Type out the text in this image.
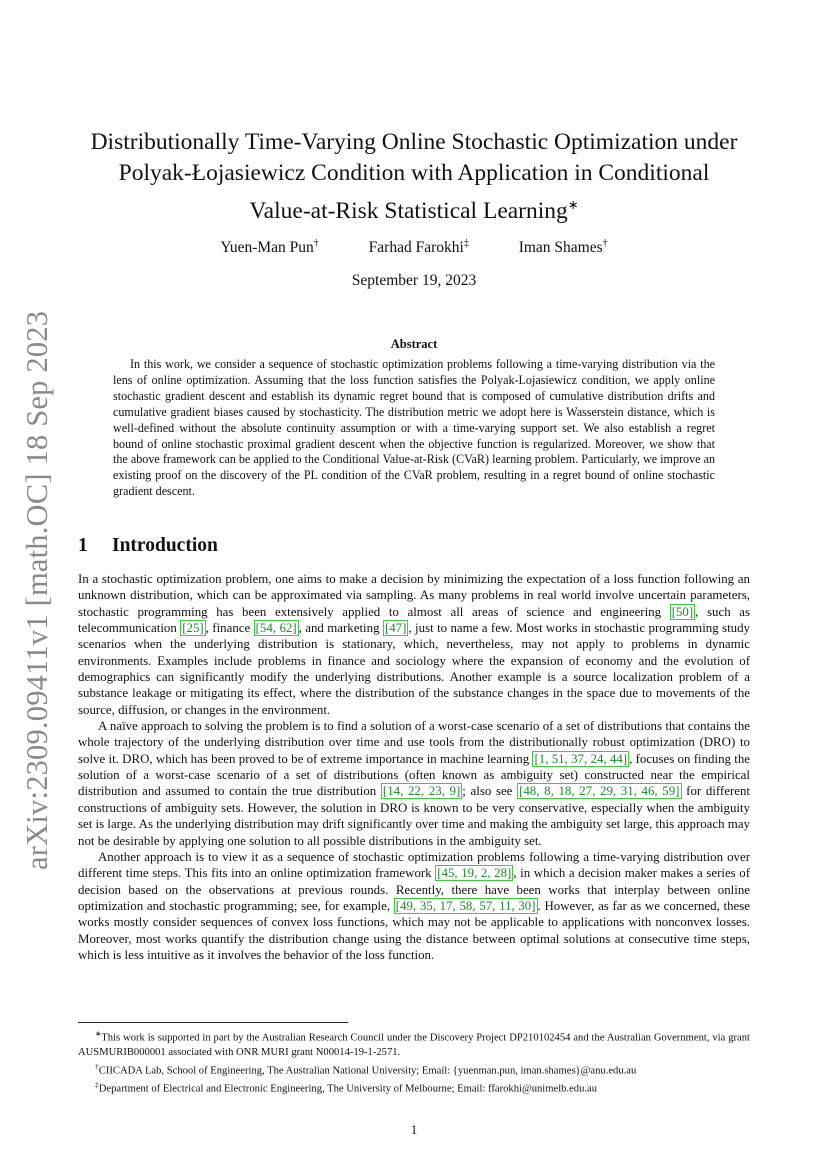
arXiv:2309.09411v1 [math.OC] 18 Sep 2023
Distributionally Time-Varying Online Stochastic Optimization under
Polyak-Łojasiewicz Condition with Application in Conditional
Value-at-Risk Statistical Learning∗
Yuen-Man Pun†	Farhad Farokhi‡	Iman Shames†
September 19, 2023
Abstract

In this work, we consider a sequence of stochastic optimization problems following a time-varying distribution via the lens of online optimization. Assuming that the loss function satisfies the Polyak-Lojasiewicz condition, we apply online stochastic gradient descent and establish its dynamic regret bound that is composed of cumulative distribution drifts and cumulative gradient biases caused by stochasticity. The distribution metric we adopt here is Wasserstein distance, which is well-defined without the absolute continuity assumption or with a time-varying support set. We also establish a regret bound of online stochastic proximal gradient descent when the objective function is regularized. Moreover, we show that the above framework can be applied to the Conditional Value-at-Risk (CVaR) learning problem. Particularly, we improve an existing proof on the discovery of the PL condition of the CVaR problem, resulting in a regret bound of online stochastic gradient descent.

1 Introduction

In a stochastic optimization problem, one aims to make a decision by minimizing the expectation of a loss function following an unknown distribution, which can be approximated via sampling. As many problems in real world involve uncertain parameters, stochastic programming has been extensively applied to almost all areas of science and engineering [50] , such as telecommunication [25] , finance [54, 62] , and marketing [47] , just to name a few. Most works in stochastic programming study scenarios when the underlying distribution is stationary, which, nevertheless, may not apply to problems in dynamic environments. Examples include problems in finance and sociology where the expansion of economy and the evolution of demographics can significantly modify the underlying distributions. Another example is a source localization problem of a substance leakage or mitigating its effect, where the distribution of the substance changes in the space due to movements of the source, diffusion, or changes in the environment.

A naïve approach to solving the problem is to find a solution of a worst-case scenario of a set of distributions that contains the whole trajectory of the underlying distribution over time and use tools from the distributionally robust optimization (DRO) to solve it. DRO, which has been proved to be of extreme importance in machine learning [1, 51, 37, 24, 44] , focuses on finding the solution of a worst-case scenario of a set of distributions (often known as ambiguity set) constructed near the empirical distribution and assumed to contain the true distribution [14, 22, 23, 9] ; also see [48, 8, 18, 27, 29, 31, 46, 59] for different constructions of ambiguity sets. However, the solution in DRO is known to be very conservative, especially when the ambiguity set is large. As the underlying distribution may drift significantly over time and making the ambiguity set large, this approach may not be desirable by applying one solution to all possible distributions in the ambiguity set.

Another approach is to view it as a sequence of stochastic optimization problems following a time-varying distribution over different time steps. This fits into an online optimization framework [45, 19, 2, 28] , in which a decision maker makes a series of decision based on the observations at previous rounds. Recently, there have been works that interplay between online optimization and stochastic programming; see, for example, [49, 35, 17, 58, 57, 11, 30] . However, as far as we concerned, these works mostly consider sequences of convex loss functions, which may not be applicable to applications with nonconvex losses. Moreover, most works quantify the distribution change using the distance between optimal solutions at consecutive time steps, which is less intuitive as it involves the behavior of the loss function.

∗This work is supported in part by the Australian Research Council under the Discovery Project DP210102454 and the Australian Government, via grant AUSMURIB000001 associated with ONR MURI grant N00014-19-1-2571.

†CIICADA Lab, School of Engineering, The Australian National University; Email: {yuenman.pun, iman.shames}@anu.edu.au

‡Department of Electrical and Electronic Engineering, The University of Melbourne; Email: ffarokhi@unimelb.edu.au

1
